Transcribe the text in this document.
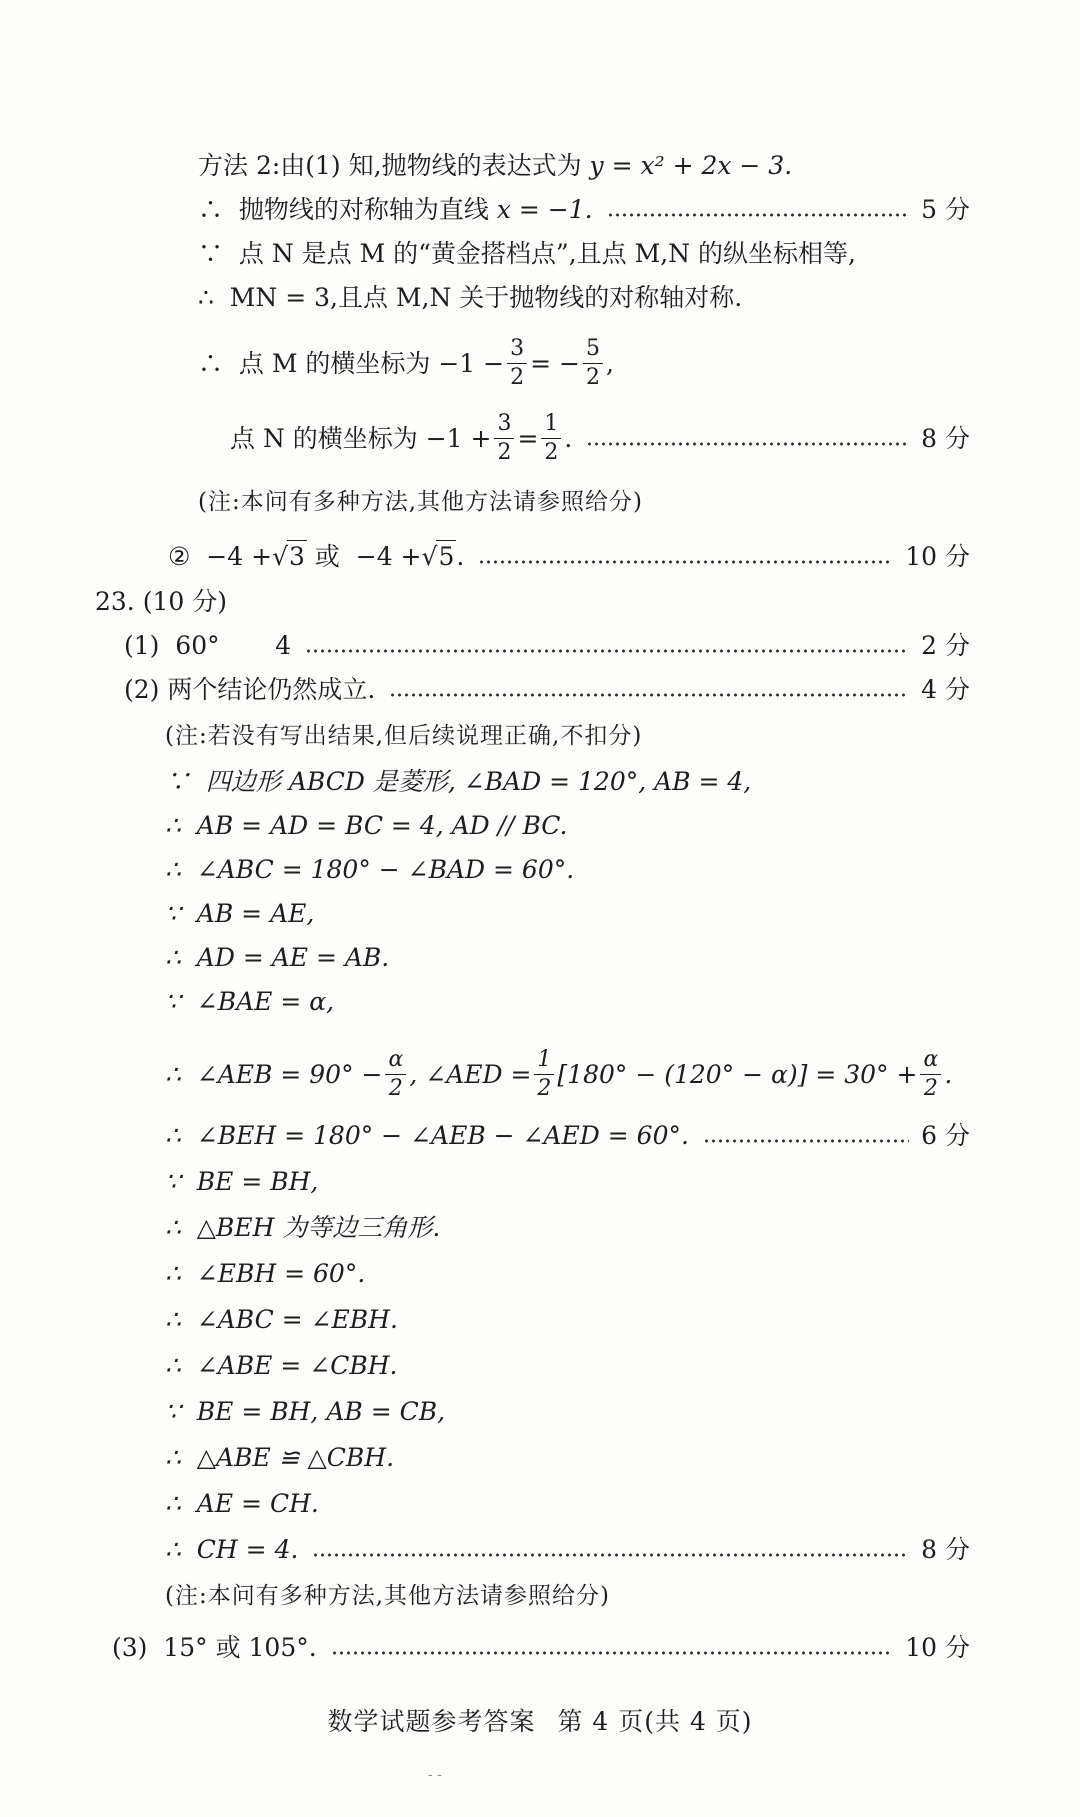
方法 2:由(1) 知,抛物线的表达式为 y = x² + 2x − 3.
∴  抛物线的对称轴为直线 x = −1.	5 分
∵  点 N 是点 M 的“黄金搭档点”,且点 M,N 的纵坐标相等,
∴  MN = 3,且点 M,N 关于抛物线的对称轴对称.
∴  点 M 的横坐标为 $-1 - \frac{3}{2}$ = − $\frac{5}{2}$ ,
点 N 的横坐标为 $-1 + \frac{3}{2} = \frac{1}{2}$ .	8 分
(注:本问有多种方法,其他方法请参照给分)
②  −4 + √ 3 或  −4 + √ 5 .	10 分
23. (10 分)
(1)  60°       4	2 分
(2) 两个结论仍然成立.	4 分
(注:若没有写出结果,但后续说理正确,不扣分)
∵  四边形 ABCD 是菱形, ∠BAD = 120°, AB = 4,
∴  AB = AD = BC = 4, AD // BC.
∴  ∠ABC = 180° − ∠BAD = 60°.
∵  AB = AE,
∴  AD = AE = AB.
∵  ∠BAE = α,
∴  ∠AEB = $90^\circ - \frac{\alpha}{2}$ , ∠AED = $\frac{1}{2} [180^\circ - (120^\circ - \alpha)] = 30^\circ + \frac{\alpha}{2}$ .
∴  ∠BEH = 180° − ∠AEB − ∠AED = 60°.	6 分
∵  BE = BH,
∴  △BEH 为等边三角形.
∴  ∠EBH = 60°.
∴  ∠ABC = ∠EBH.
∴  ∠ABE = ∠CBH.
∵  BE = BH, AB = CB,
∴  △ABE ≌ △CBH.
∴  AE = CH.
∴  CH = 4.	8 分
(注:本问有多种方法,其他方法请参照给分)
(3)  15° 或 105°.	10 分
数学试题参考答案 第 4 页(共 4 页)
- -
